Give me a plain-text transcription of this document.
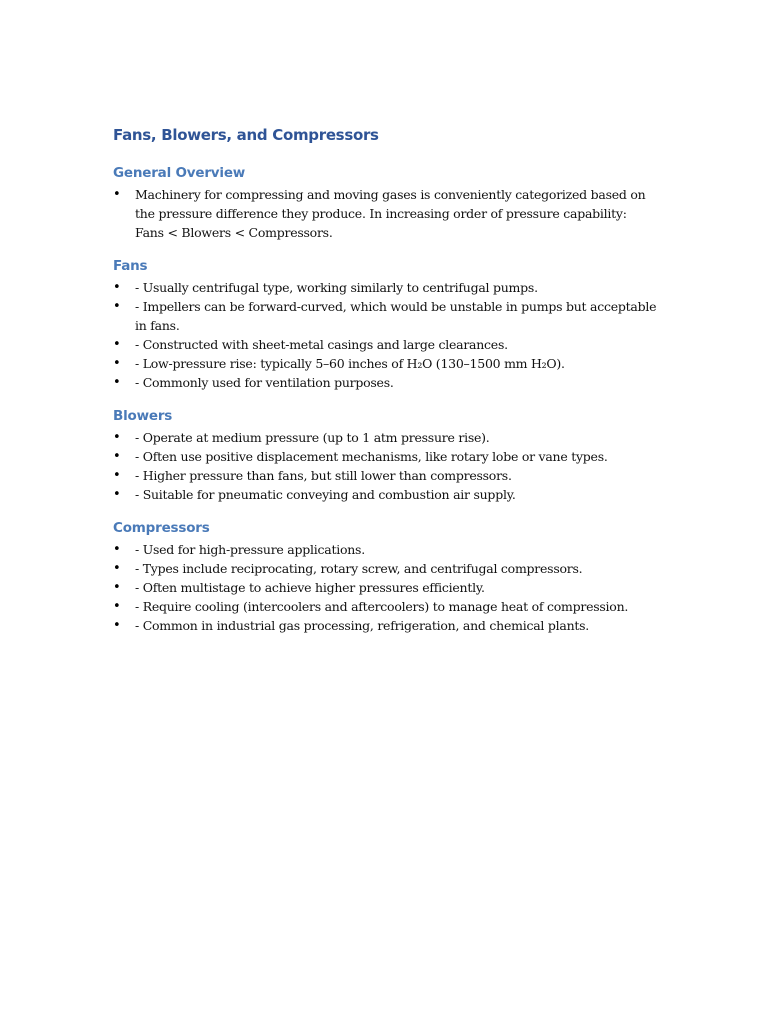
Fans, Blowers, and Compressors
General Overview
• Machinery for compressing and moving gases is conveniently categorized based on the pressure difference they produce. In increasing order of pressure capability: Fans < Blowers < Compressors.
Fans
• - Usually centrifugal type, working similarly to centrifugal pumps.
• - Impellers can be forward-curved, which would be unstable in pumps but acceptable in fans.
• - Constructed with sheet-metal casings and large clearances.
• - Low-pressure rise: typically 5–60 inches of H₂O (130–1500 mm H₂O).
• - Commonly used for ventilation purposes.
Blowers
• - Operate at medium pressure (up to 1 atm pressure rise).
• - Often use positive displacement mechanisms, like rotary lobe or vane types.
• - Higher pressure than fans, but still lower than compressors.
• - Suitable for pneumatic conveying and combustion air supply.
Compressors
• - Used for high-pressure applications.
• - Types include reciprocating, rotary screw, and centrifugal compressors.
• - Often multistage to achieve higher pressures efficiently.
• - Require cooling (intercoolers and aftercoolers) to manage heat of compression.
• - Common in industrial gas processing, refrigeration, and chemical plants.
